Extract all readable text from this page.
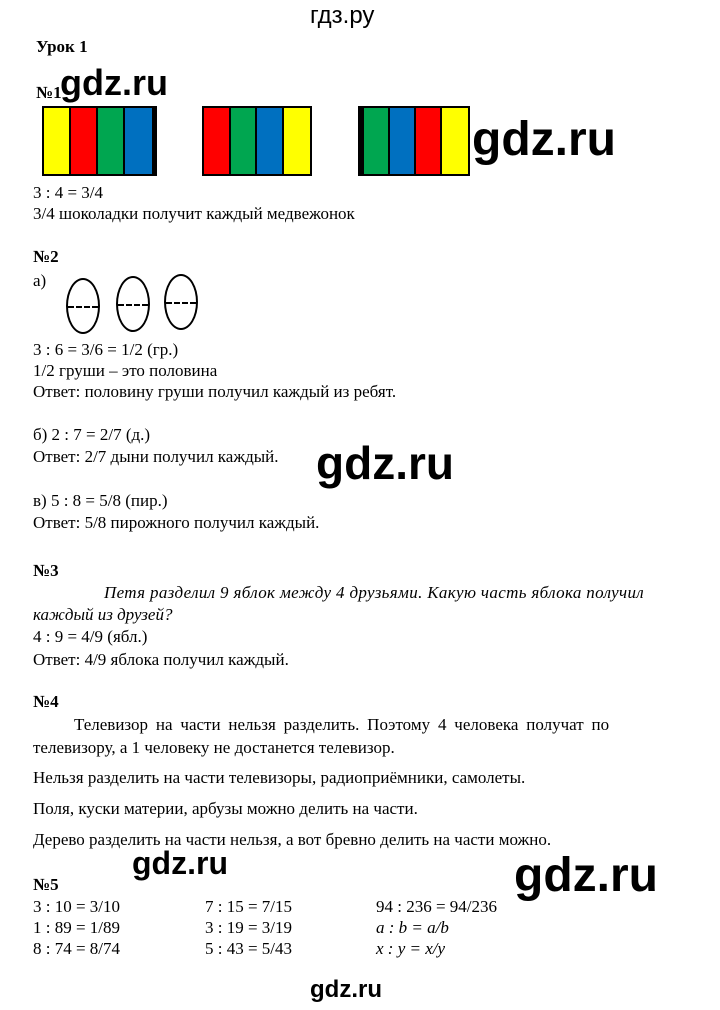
гдз.ру
Урок 1
№1
gdz.ru
gdz.ru
3 : 4 = 3/4
3/4 шоколадки получит каждый медвежонок
№2
а)
3 : 6 = 3/6 = 1/2 (гр.)
1/2 груши – это половина
Ответ: половину груши получил каждый из ребят.
б) 2 : 7 = 2/7 (д.)
Ответ: 2/7 дыни получил каждый. gdz.ru
в) 5 : 8 = 5/8 (пир.)
Ответ: 5/8 пирожного получил каждый.
№3
Петя разделил 9 яблок между 4 друзьями. Какую часть яблока получил
каждый из друзей?
4 : 9 = 4/9 (ябл.)
Ответ: 4/9 яблока получил каждый.
№4
Телевизор на части нельзя разделить. Поэтому 4 человека получат по
телевизору, а 1 человеку не достанется телевизор.
Нельзя разделить на части телевизоры, радиоприёмники, самолеты.
Поля, куски материи, арбузы можно делить на части.
Дерево разделить на части нельзя, а вот бревно делить на части можно.
gdz.ru	gdz.ru
№5
3 : 10 = 3/10
1 : 89 = 1/89
8 : 74 = 8/74
7 : 15 = 7/15
3 : 19 = 3/19
5 : 43 = 5/43
94 : 236 = 94/236
a : b = a/b
x : y = x/y
gdz.ru
